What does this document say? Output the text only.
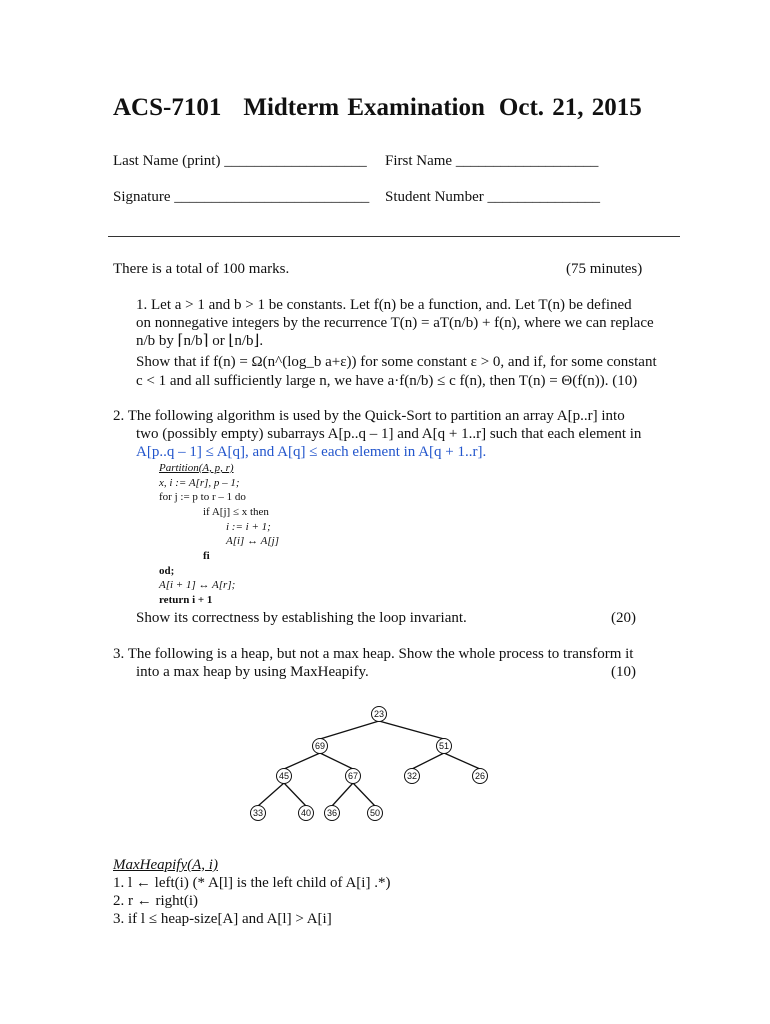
ACS-7101 Midterm Examination Oct. 21, 2015
Last Name (print) ___________________ First Name ___________________
Signature __________________________ Student Number _______________
There is a total of 100 marks.	(75 minutes)
1. Let a > 1 and b > 1 be constants. Let f(n) be a function, and. Let T(n) be defined
on nonnegative integers by the recurrence T(n) = aT(n/b) + f(n), where we can replace
n/b by ⌈n/b⌉ or ⌊n/b⌋.
Show that if f(n) = Ω(n^(log_b a+ε)) for some constant ε > 0, and if, for some constant
c < 1 and all sufficiently large n, we have a·f(n/b) ≤ c f(n), then T(n) = Θ(f(n)). (10)
2. The following algorithm is used by the Quick-Sort to partition an array A[p..r] into
two (possibly empty) subarrays A[p..q – 1] and A[q + 1..r] such that each element in
A[p..q – 1] ≤ A[q], and A[q] ≤ each element in A[q + 1..r].
Partition(A, p, r)
x, i := A[r], p – 1;
for j := p to r – 1 do
if A[j] ≤ x then
i := i + 1;
A[i] ↔ A[j]
fi
od;
A[i + 1] ↔ A[r];
return i + 1
Show its correctness by establishing the loop invariant.	(20)
3. The following is a heap, but not a max heap. Show the whole process to transform it
into a max heap by using MaxHeapify.	(10)
23
69	51
45	67	32	26
33	40 36	50
MaxHeapify(A, i)
1. l ← left(i) (* A[l] is the left child of A[i] .*)
2. r ← right(i)
3. if l ≤ heap-size[A] and A[l] > A[i]
